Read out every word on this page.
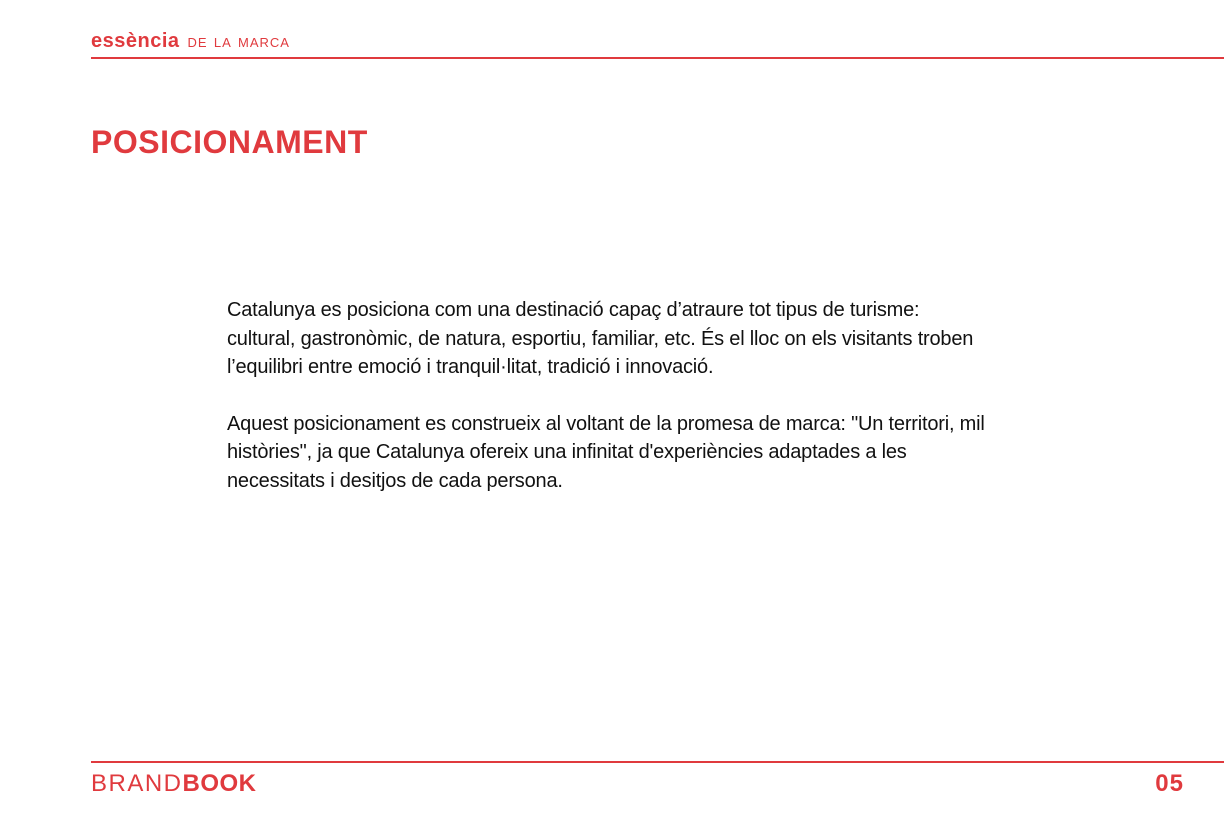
essència de la marca
posicionament

Catalunya es posiciona com una destinació capaç d’atraure tot tipus de turisme: cultural, gastronòmic, de natura, esportiu, familiar, etc. És el lloc on els visitants troben l’equilibri entre emoció i tranquil·litat, tradició i innovació.

Aquest posicionament es construeix al voltant de la promesa de marca: "Un territori, mil històries", ja que Catalunya ofereix una infinitat d'experiències adaptades a les necessitats i desitjos de cada persona.

BRAND BOOK	05
